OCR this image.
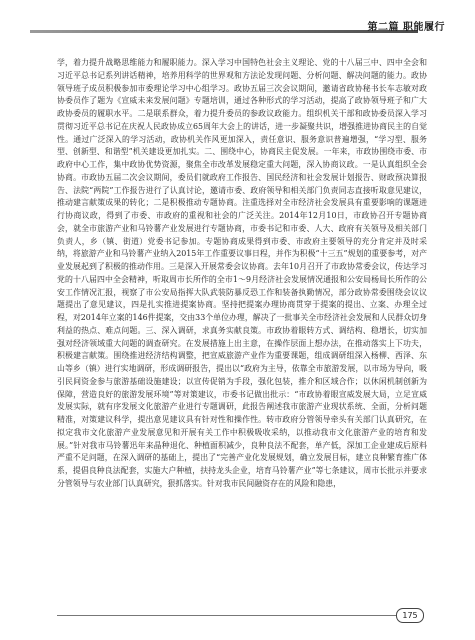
第二篇 职能履行

学，着力提升战略思维能力和履职能力。深入学习中国特色社会主义理论、党的十八届三中、四中全会和习近平总书记系列讲话精神，培养用科学的世界观和方法论发现问题、分析问题、解决问题的能力。政协领导班子成员积极参加市委理论学习中心组学习。政协五届三次会议期间，邀请省政协秘书长车志敏对政协委员作了题为《宣威未来发展问题》专题培训，通过各种形式的学习活动，提高了政协领导班子和广大政协委员的履职水平。二是联系群众，着力提升委员的参政议政能力。组织机关干部和政协委员深入学习贯彻习近平总书记在庆祝人民政协成立65周年大会上的讲话，进一步凝聚共识，增强推进协商民主的自觉性。通过广泛深入的学习活动，政协机关作风更加深入，责任意识、服务意识普遍增强，“学习型、服务型、创新型、和谐型”机关建设更加扎实。二、围绕中心，协商民主促发展。一年来，市政协围绕市委、市政府中心工作，集中政协优势资源，聚焦全市改革发展稳定重大问题，深入协商议政。一是认真组织全会协商。市政协五届二次会议期间，委员们就政府工作报告、国民经济和社会发展计划报告、财政预决算报告、法院“两院”工作报告进行了认真讨论，邀请市委、政府领导和相关部门负责同志直接听取意见建议，推动建言献策成果的转化；二是积极推动专题协商。注重选择对全市经济社会发展具有重要影响的课题进行协商议政，得到了市委、市政府的重视和社会的广泛关注。2014年12月10日，市政协召开专题协商会，就全市旅游产业和马铃薯产业发展进行专题协商，市委书记和市委、人大、政府有关领导及相关部门负责人，乡（镇、街道）党委书记参加。专题协商成果得到市委、市政府主要领导的充分肯定并及时采纳，将旅游产业和马铃薯产业纳入2015年工作重要议事日程，并作为积极“十三五”规划的重要参考，对产业发展起到了积极的推动作用。三是深入开展常委会议协商。去年10月召开了市政协常委会议，传达学习党的十八届四中全会精神，听取周市长所作的全市1～9月经济社会发展情况通报和公安局杨局长所作的公安工作情况汇报，视察了市公安局指挥大队武装防暴反恐工作和装备执勤情况，部分政协常委围绕会议议题提出了意见建议，四是扎实推进提案协商。坚持把提案办理协商贯穿于提案的提出、立案、办理全过程，对2014年立案的146件提案，交由33个单位办理，解决了一批事关全市经济社会发展和人民群众切身利益的热点、难点问题。三、深入调研，求真务实献良策。市政协着眼转方式、调结构、稳增长，切实加强对经济领域重大问题的调查研究。在发展措施上出主意，在操作层面上想办法，在推动落实上下功夫，积极建言献策。围绕推进经济结构调整，把宣威旅游产业作为重要课题，组成调研组深入杨柳、西泽、东山等乡（镇）进行实地调研，形成调研报告，提出以“政府为主导，依靠全市旅游发展，以市场为导向，吸引民间资金参与旅游基础设施建设；以宣传促销为手段，强化包装，推介和区域合作；以休闲机制创新为保障，营造良好的旅游发展环境”等对策建议，市委书记做出批示：“市政协着眼宣威发展大局，立足宣威发展实际，就有序发展文化旅游产业进行专题调研，此报告阐述我市旅游产业现状系统、全面，分析问题精准，对策建议科学，提出意见建议具有针对性和操作性。转市政府分管领导牵头有关部门认真研究，在拟定我市文化旅游产业发展意见和开展有关工作中积极吸收采纳，以推动我市文化旅游产业的培育和发展。”针对我市马铃薯迅年来晶种退化、种植面积减少，良种良法不配套，单产低，深加工企业建成后原料严重不足问题，在深入调研的基础上，提出了“完善产业化发展规划，确立发展目标，建立良种繁育推广体系，提倡良种良法配套，实施大户种植，扶持龙头企业，培育马铃薯产业”等七条建议，周市长批示并要求分管领导与农业部门认真研究，狠抓落实。针对我市民间融资存在的风险和隐患，

175
